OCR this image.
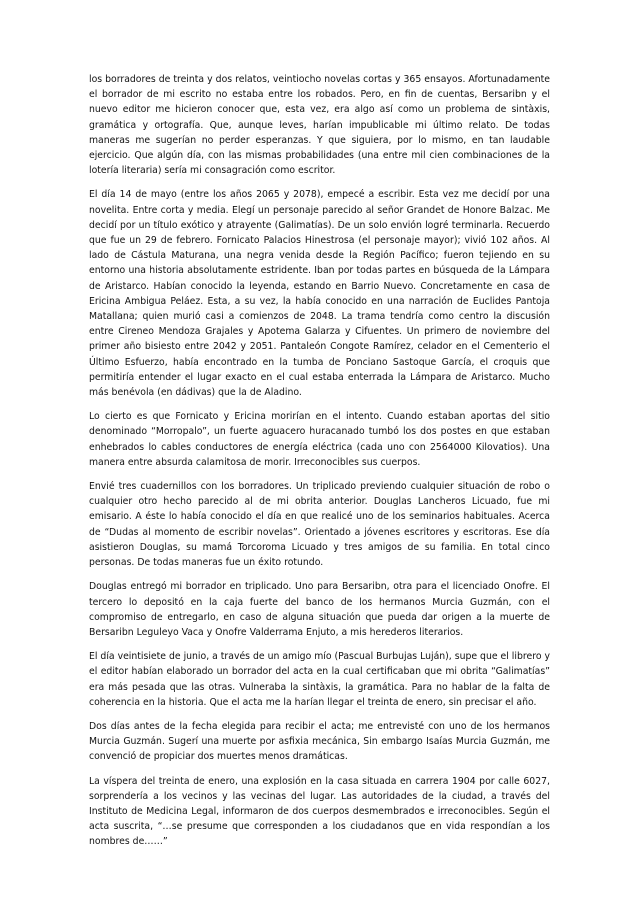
los borradores de treinta y dos relatos, veintiocho novelas cortas y 365 ensayos. Afortunadamente el borrador de mi escrito no estaba entre los robados. Pero, en fin de cuentas, Bersaribn y el nuevo editor me hicieron conocer que, esta vez, era algo así como un problema de sintàxis, gramática y ortografía. Que, aunque leves, harían impublicable mi último relato. De todas maneras me sugerían no perder esperanzas. Y que siguiera, por lo mismo, en tan laudable ejercicio. Que algún día, con las mismas probabilidades (una entre mil cien combinaciones de la lotería literaria) sería mi consagración como escritor.

El día 14 de mayo (entre los años 2065 y 2078), empecé a escribir. Esta vez me decidí por una novelita. Entre corta y media. Elegí un personaje parecido al señor Grandet de Honore Balzac. Me decidí por un título exótico y atrayente (Galimatías). De un solo envión logré terminarla. Recuerdo que fue un 29 de febrero. Fornicato Palacios Hinestrosa (el personaje mayor); vivió 102 años. Al lado de Cástula Maturana, una negra venida desde la Región Pacífico; fueron tejiendo en su entorno una historia absolutamente estridente. Iban por todas partes en búsqueda de la Lámpara de Aristarco. Habían conocido la leyenda, estando en Barrio Nuevo. Concretamente en casa de Ericina Ambigua Peláez. Esta, a su vez, la había conocido en una narración de Euclides Pantoja Matallana; quien murió casi a comienzos de 2048. La trama tendría como centro la discusión entre Cireneo Mendoza Grajales y Apotema Galarza y Cifuentes. Un primero de noviembre del primer año bisiesto entre 2042 y 2051. Pantaleón Congote Ramírez, celador en el Cementerio el Último Esfuerzo, había encontrado en la tumba de Ponciano Sastoque García, el croquis que permitiría entender el lugar exacto en el cual estaba enterrada la Lámpara de Aristarco. Mucho más benévola (en dádivas) que la de Aladino.

Lo cierto es que Fornicato y Ericina morirían en el intento. Cuando estaban aportas del sitio denominado “Morropalo”, un fuerte aguacero huracanado tumbó los dos postes en que estaban enhebrados lo cables conductores de energía eléctrica (cada uno con 2564000 Kilovatios). Una manera entre absurda calamitosa de morir. Irreconocibles sus cuerpos.

Envié tres cuadernillos con los borradores. Un triplicado previendo cualquier situación de robo o cualquier otro hecho parecido al de mi obrita anterior. Douglas Lancheros Licuado, fue mi emisario. A éste lo había conocido el día en que realicé uno de los seminarios habituales. Acerca de “Dudas al momento de escribir novelas”. Orientado a jóvenes escritores y escritoras. Ese día asistieron Douglas, su mamá Torcoroma Licuado y tres amigos de su familia. En total cinco personas. De todas maneras fue un éxito rotundo.

Douglas entregó mi borrador en triplicado. Uno para Bersaribn, otra para el licenciado Onofre. El tercero lo depositó en la caja fuerte del banco de los hermanos Murcia Guzmán, con el compromiso de entregarlo, en caso de alguna situación que pueda dar origen a la muerte de Bersaribn Leguleyo Vaca y Onofre Valderrama Enjuto, a mis herederos literarios.

El día veintisiete de junio, a través de un amigo mío (Pascual Burbujas Luján), supe que el librero y el editor habían elaborado un borrador del acta en la cual certificaban que mi obrita “Galimatías” era más pesada que las otras. Vulneraba la sintàxis, la gramática. Para no hablar de la falta de coherencia en la historia. Que el acta me la harían llegar el treinta de enero, sin precisar el año.

Dos días antes de la fecha elegida para recibir el acta; me entrevisté con uno de los hermanos Murcia Guzmán. Sugerí una muerte por asfixia mecánica, Sin embargo Isaías Murcia Guzmán, me convenció de propiciar dos muertes menos dramáticas.

La víspera del treinta de enero, una explosión en la casa situada en carrera 1904 por calle 6027, sorprendería a los vecinos y las vecinas del lugar. Las autoridades de la ciudad, a través del Instituto de Medicina Legal, informaron de dos cuerpos desmembrados e irreconocibles. Según el acta suscrita, “…se presume que corresponden a los ciudadanos que en vida respondían a los nombres de……”
